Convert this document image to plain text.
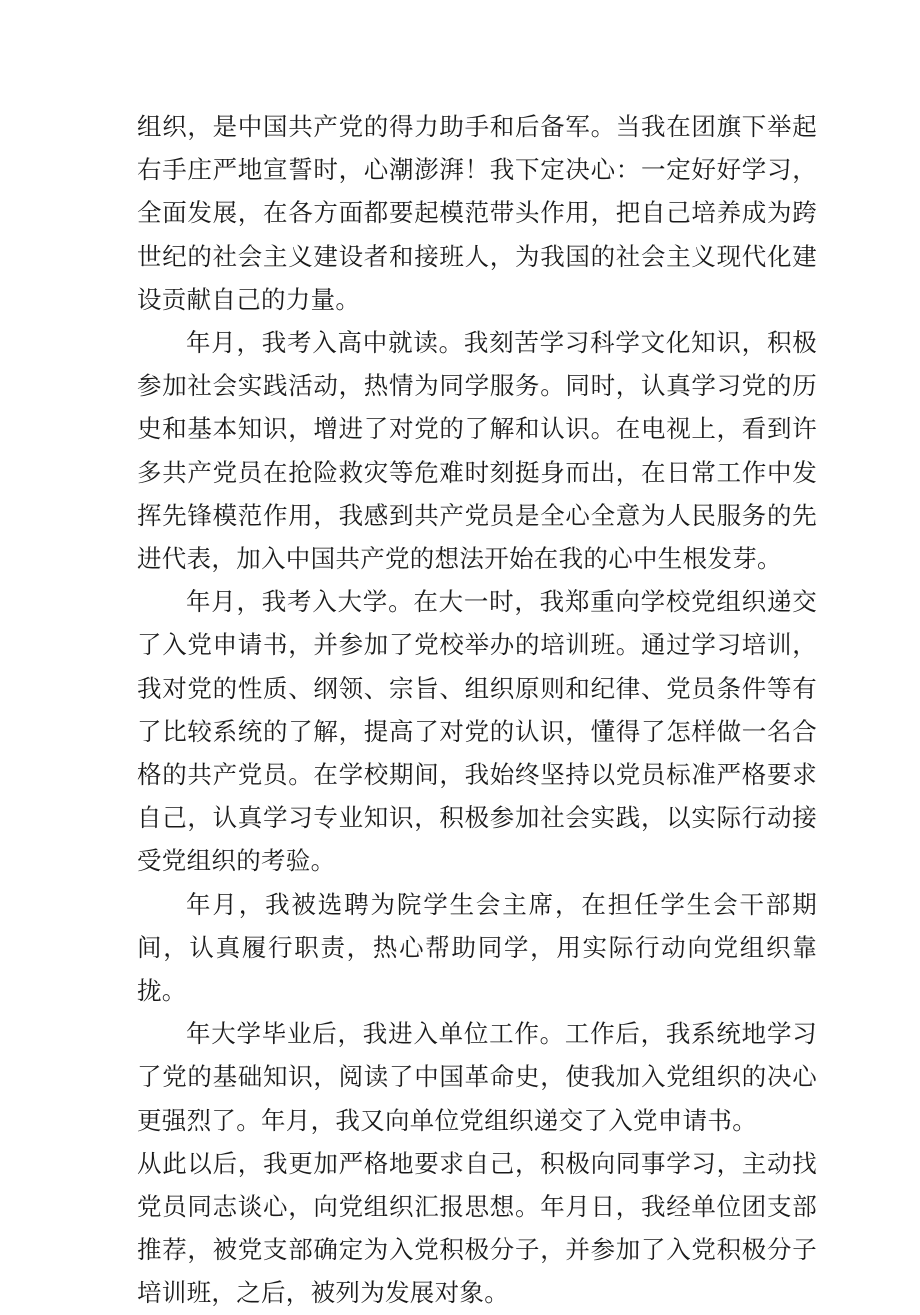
组织，是中国共产党的得力助手和后备军。当我在团旗下举起右手庄严地宣誓时，心潮澎湃！我下定决心：一定好好学习，全面发展，在各方面都要起模范带头作用，把自己培养成为跨世纪的社会主义建设者和接班人，为我国的社会主义现代化建设贡献自己的力量。

年月，我考入高中就读。我刻苦学习科学文化知识，积极参加社会实践活动，热情为同学服务。同时，认真学习党的历史和基本知识，增进了对党的了解和认识。在电视上，看到许多共产党员在抢险救灾等危难时刻挺身而出，在日常工作中发挥先锋模范作用，我感到共产党员是全心全意为人民服务的先进代表，加入中国共产党的想法开始在我的心中生根发芽。

年月，我考入大学。在大一时，我郑重向学校党组织递交了入党申请书，并参加了党校举办的培训班。通过学习培训，我对党的性质、纲领、宗旨、组织原则和纪律、党员条件等有了比较系统的了解，提高了对党的认识，懂得了怎样做一名合格的共产党员。在学校期间，我始终坚持以党员标准严格要求自己，认真学习专业知识，积极参加社会实践，以实际行动接受党组织的考验。

年月，我被选聘为院学生会主席，在担任学生会干部期间，认真履行职责，热心帮助同学，用实际行动向党组织靠拢。

年大学毕业后，我进入单位工作。工作后，我系统地学习了党的基础知识，阅读了中国革命史，使我加入党组织的决心更强烈了。年月，我又向单位党组织递交了入党申请书。

从此以后，我更加严格地要求自己，积极向同事学习，主动找党员同志谈心，向党组织汇报思想。年月日，我经单位团支部推荐，被党支部确定为入党积极分子，并参加了入党积极分子培训班，之后，被列为发展对象。
